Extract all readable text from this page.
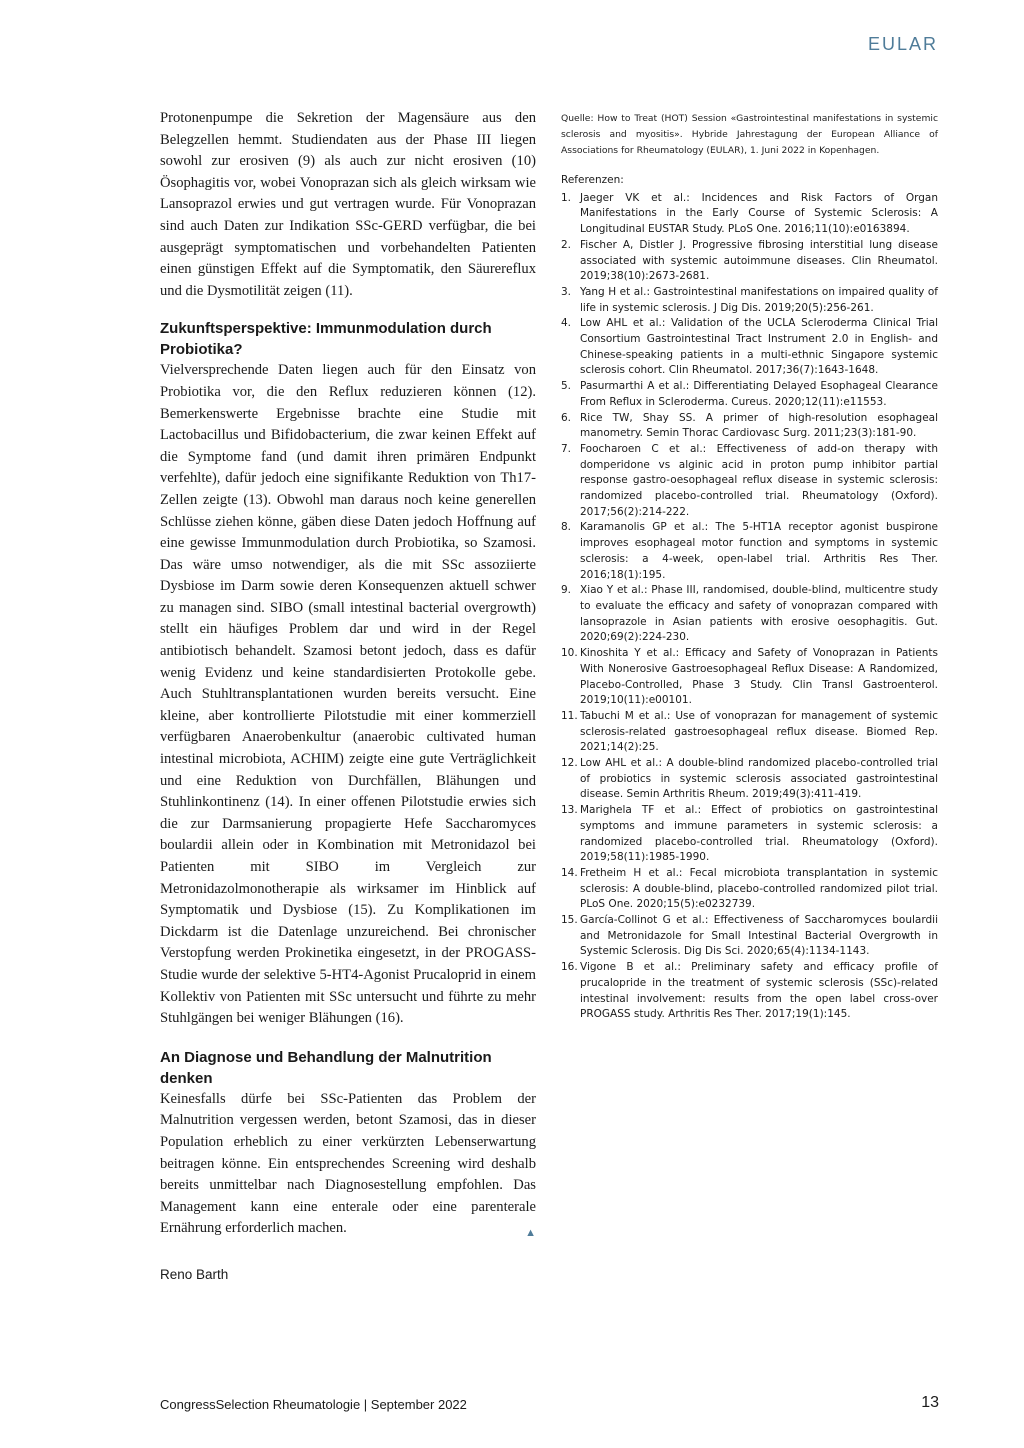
EULAR

Protonenpumpe die Sekretion der Magensäure aus den Belegzellen hemmt. Studiendaten aus der Phase III liegen sowohl zur erosiven (9) als auch zur nicht erosiven (10) Ösophagitis vor, wobei Vonoprazan sich als gleich wirksam wie Lansoprazol erwies und gut vertragen wurde. Für Vonoprazan sind auch Daten zur Indikation SSc-GERD verfügbar, die bei ausgeprägt symptomatischen und vorbehandelten Patienten einen günstigen Effekt auf die Symptomatik, den Säurereflux und die Dysmotilität zeigen (11).

Zukunftsperspektive: Immunmodulation durch Probiotika?

Vielversprechende Daten liegen auch für den Einsatz von Probiotika vor, die den Reflux reduzieren können (12). Bemerkenswerte Ergebnisse brachte eine Studie mit Lactobacillus und Bifidobacterium, die zwar keinen Effekt auf die Symptome fand (und damit ihren primären Endpunkt verfehlte), dafür jedoch eine signifikante Reduktion von Th17-Zellen zeigte (13). Obwohl man daraus noch keine generellen Schlüsse ziehen könne, gäben diese Daten jedoch Hoffnung auf eine gewisse Immunmodulation durch Probiotika, so Szamosi. Das wäre umso notwendiger, als die mit SSc assoziierte Dysbiose im Darm sowie deren Konsequenzen aktuell schwer zu managen sind. SIBO (small intestinal bacterial overgrowth) stellt ein häufiges Problem dar und wird in der Regel antibiotisch behandelt. Szamosi betont jedoch, dass es dafür wenig Evidenz und keine standardisierten Protokolle gebe. Auch Stuhltransplantationen wurden bereits versucht. Eine kleine, aber kontrollierte Pilotstudie mit einer kommerziell verfügbaren Anaerobenkultur (anaerobic cultivated human intestinal microbiota, ACHIM) zeigte eine gute Verträglichkeit und eine Reduktion von Durchfällen, Blähungen und Stuhlinkontinenz (14). In einer offenen Pilotstudie erwies sich die zur Darmsanierung propagierte Hefe Saccharomyces boulardii allein oder in Kombination mit Metronidazol bei Patienten mit SIBO im Vergleich zur Metronidazolmonotherapie als wirksamer im Hinblick auf Symptomatik und Dysbiose (15). Zu Komplikationen im Dickdarm ist die Datenlage unzureichend. Bei chronischer Verstopfung werden Prokinetika eingesetzt, in der PROGASS-Studie wurde der selektive 5-HT4-Agonist Prucaloprid in einem Kollektiv von Patienten mit SSc untersucht und führte zu mehr Stuhlgängen bei weniger Blähungen (16).

An Diagnose und Behandlung der Malnutrition denken

Keinesfalls dürfe bei SSc-Patienten das Problem der Malnutrition vergessen werden, betont Szamosi, das in dieser Population erheblich zu einer verkürzten Lebenserwartung beitragen könne. Ein entsprechendes Screening wird deshalb bereits unmittelbar nach Diagnosestellung empfohlen. Das Management kann eine enterale oder eine parenterale Ernährung erforderlich machen.	▲

Reno Barth

Quelle: How to Treat (HOT) Session «Gastrointestinal manifestations in systemic sclerosis and myositis». Hybride Jahrestagung der European Alliance of Associations for Rheumatology (EULAR), 1. Juni 2022 in Kopenhagen.

Referenzen:

1. Jaeger VK et al.: Incidences and Risk Factors of Organ Manifestations in the Early Course of Systemic Sclerosis: A Longitudinal EUSTAR Study. PLoS One. 2016;11(10):e0163894.
2. Fischer A, Distler J. Progressive fibrosing interstitial lung disease associated with systemic autoimmune diseases. Clin Rheumatol. 2019;38(10):2673-2681.
3. Yang H et al.: Gastrointestinal manifestations on impaired quality of life in systemic sclerosis. J Dig Dis. 2019;20(5):256-261.
4. Low AHL et al.: Validation of the UCLA Scleroderma Clinical Trial Consortium Gastrointestinal Tract Instrument 2.0 in English- and Chinese-speaking patients in a multi-ethnic Singapore systemic sclerosis cohort. Clin Rheumatol. 2017;36(7):1643-1648.
5. Pasurmarthi A et al.: Differentiating Delayed Esophageal Clearance From Reflux in Scleroderma. Cureus. 2020;12(11):e11553.
6. Rice TW, Shay SS. A primer of high-resolution esophageal manometry. Semin Thorac Cardiovasc Surg. 2011;23(3):181-90.
7. Foocharoen C et al.: Effectiveness of add-on therapy with domperidone vs alginic acid in proton pump inhibitor partial response gastro-oesophageal reflux disease in systemic sclerosis: randomized placebo-controlled trial. Rheumatology (Oxford). 2017;56(2):214-222.
8. Karamanolis GP et al.: The 5-HT1A receptor agonist buspirone improves esophageal motor function and symptoms in systemic sclerosis: a 4-week, open-label trial. Arthritis Res Ther. 2016;18(1):195.
9. Xiao Y et al.: Phase III, randomised, double-blind, multicentre study to evaluate the efficacy and safety of vonoprazan compared with lansoprazole in Asian patients with erosive oesophagitis. Gut. 2020;69(2):224-230.
10. Kinoshita Y et al.: Efficacy and Safety of Vonoprazan in Patients With Nonerosive Gastroesophageal Reflux Disease: A Randomized, Placebo-Controlled, Phase 3 Study. Clin Transl Gastroenterol. 2019;10(11):e00101.
11. Tabuchi M et al.: Use of vonoprazan for management of systemic sclerosis-related gastroesophageal reflux disease. Biomed Rep. 2021;14(2):25.
12. Low AHL et al.: A double-blind randomized placebo-controlled trial of probiotics in systemic sclerosis associated gastrointestinal disease. Semin Arthritis Rheum. 2019;49(3):411-419.
13. Marighela TF et al.: Effect of probiotics on gastrointestinal symptoms and immune parameters in systemic sclerosis: a randomized placebo-controlled trial. Rheumatology (Oxford). 2019;58(11):1985-1990.
14. Fretheim H et al.: Fecal microbiota transplantation in systemic sclerosis: A double-blind, placebo-controlled randomized pilot trial. PLoS One. 2020;15(5):e0232739.
15. García-Collinot G et al.: Effectiveness of Saccharomyces boulardii and Metronidazole for Small Intestinal Bacterial Overgrowth in Systemic Sclerosis. Dig Dis Sci. 2020;65(4):1134-1143.
16. Vigone B et al.: Preliminary safety and efficacy profile of prucalopride in the treatment of systemic sclerosis (SSc)-related intestinal involvement: results from the open label cross-over PROGASS study. Arthritis Res Ther. 2017;19(1):145.
CongressSelection Rheumatologie | September 2022	13
